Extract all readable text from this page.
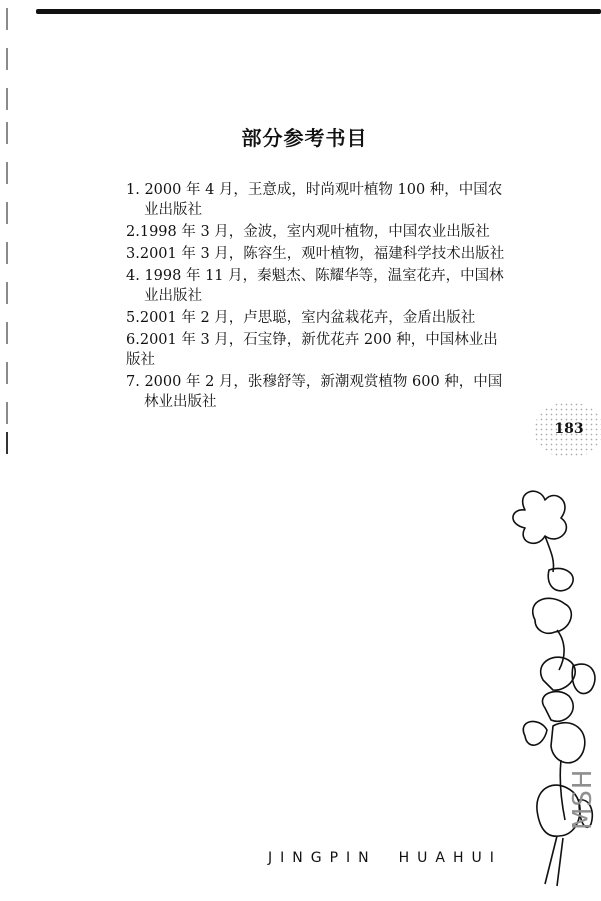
部分参考书目
1. 2000 年 4 月，王意成，时尚观叶植物 100 种，中国农
业出版社
2.1998 年 3 月，金波，室内观叶植物，中国农业出版社
3.2001 年 3 月，陈容生，观叶植物，福建科学技术出版社
4. 1998 年 11 月，秦魁杰、陈耀华等，温室花卉，中国林
业出版社
5.2001 年 2 月，卢思聪，室内盆栽花卉，金盾出版社
6.2001 年 3 月，石宝铮，新优花卉 200 种，中国林业出版社
7. 2000 年 2 月，张穆舒等，新潮观赏植物 600 种，中国
林业出版社
183
JINGPIN HUAHUI
MSH
